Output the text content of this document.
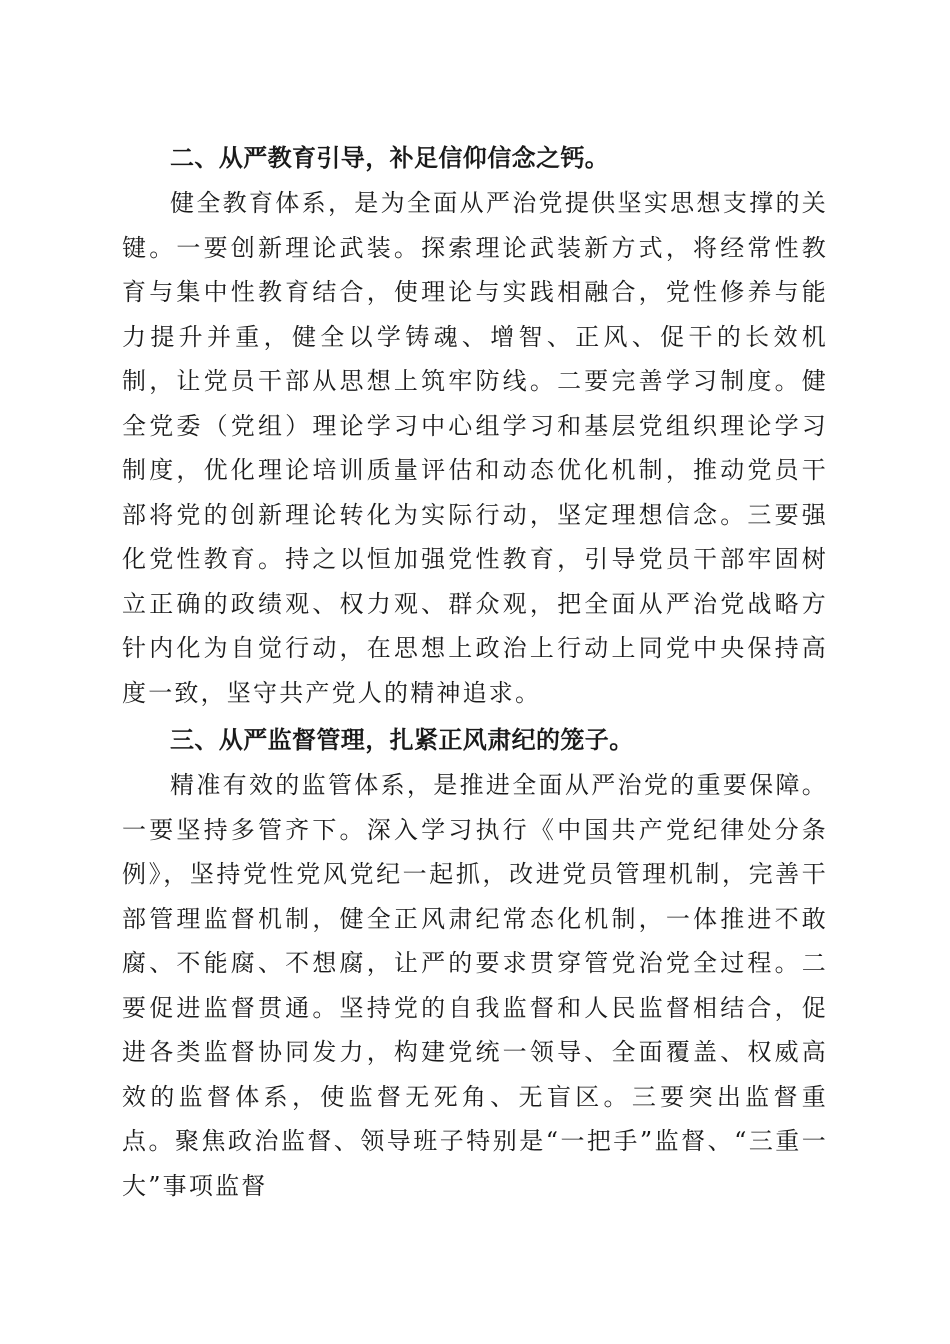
二、从严教育引导，补足信仰信念之钙。

健全教育体系，是为全面从严治党提供坚实思想支撑的关键。一要创新理论武装。探索理论武装新方式，将经常性教育与集中性教育结合，使理论与实践相融合，党性修养与能力提升并重，健全以学铸魂、增智、正风、促干的长效机制，让党员干部从思想上筑牢防线。二要完善学习制度。健全党委（党组）理论学习中心组学习和基层党组织理论学习制度，优化理论培训质量评估和动态优化机制，推动党员干部将党的创新理论转化为实际行动，坚定理想信念。三要强化党性教育。持之以恒加强党性教育，引导党员干部牢固树立正确的政绩观、权力观、群众观，把全面从严治党战略方针内化为自觉行动，在思想上政治上行动上同党中央保持高度一致，坚守共产党人的精神追求。

三、从严监督管理，扎紧正风肃纪的笼子。

精准有效的监管体系，是推进全面从严治党的重要保障。一要坚持多管齐下。深入学习执行《中国共产党纪律处分条例》，坚持党性党风党纪一起抓，改进党员管理机制，完善干部管理监督机制，健全正风肃纪常态化机制，一体推进不敢腐、不能腐、不想腐，让严的要求贯穿管党治党全过程。二要促进监督贯通。坚持党的自我监督和人民监督相结合，促进各类监督协同发力，构建党统一领导、全面覆盖、权威高效的监督体系，使监督无死角、无盲区。三要突出监督重点。聚焦政治监督、领导班子特别是“一把手”监督、“三重一大”事项监督
